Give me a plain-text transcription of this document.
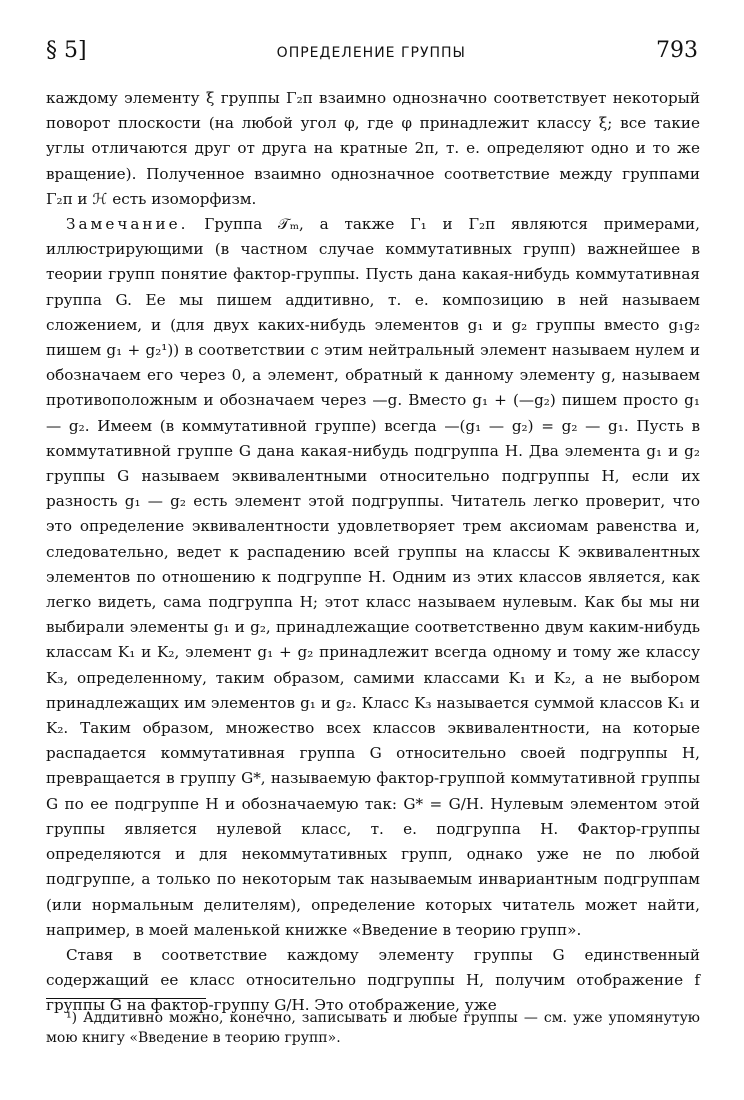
§ 5]	ОПРЕДЕЛЕНИЕ ГРУППЫ	793

каждому элементу ξ группы Γ₂π взаимно однозначно соответствует некоторый поворот плоскости (на любой угол φ, где φ принадлежит классу ξ; все такие углы отличаются друг от друга на кратные 2π, т. е. определяют одно и то же вращение). Полученное взаимно однозначное соответствие между группами Γ₂π и ℋ есть изоморфизм.

Замечание. Группа 𝒯ₘ, а также Γ₁ и Γ₂π являются примерами, иллюстрирующими (в частном случае коммутативных групп) важнейшее в теории групп понятие фактор-группы. Пусть дана какая-нибудь коммутативная группа G. Ее мы пишем аддитивно, т. е. композицию в ней называем сложением, и (для двух каких-нибудь элементов g₁ и g₂ группы вместо g₁g₂ пишем g₁ + g₂¹)) в соответствии с этим нейтральный элемент называем нулем и обозначаем его через 0, а элемент, обратный к данному элементу g, называем противоположным и обозначаем через —g. Вместо g₁ + (—g₂) пишем просто g₁ — g₂. Имеем (в коммутативной группе) всегда —(g₁ — g₂) = g₂ — g₁. Пусть в коммутативной группе G дана какая-нибудь подгруппа H. Два элемента g₁ и g₂ группы G называем эквивалентными относительно подгруппы H, если их разность g₁ — g₂ есть элемент этой подгруппы. Читатель легко проверит, что это определение эквивалентности удовлетворяет трем аксиомам равенства и, следовательно, ведет к распадению всей группы на классы K эквивалентных элементов по отношению к подгруппе H. Одним из этих классов является, как легко видеть, сама подгруппа H; этот класс называем нулевым. Как бы мы ни выбирали элементы g₁ и g₂, принадлежащие соответственно двум каким-нибудь классам K₁ и K₂, элемент g₁ + g₂ принадлежит всегда одному и тому же классу K₃, определенному, таким образом, самими классами K₁ и K₂, а не выбором принадлежащих им элементов g₁ и g₂. Класс K₃ называется суммой классов K₁ и K₂. Таким образом, множество всех классов эквивалентности, на которые распадается коммутативная группа G относительно своей подгруппы H, превращается в группу G*, называемую фактор-группой коммутативной группы G по ее подгруппе H и обозначаемую так: G* = G/H. Нулевым элементом этой группы является нулевой класс, т. е. подгруппа H. Фактор-группы определяются и для некоммутативных групп, однако уже не по любой подгруппе, а только по некоторым так называемым инвариантным подгруппам (или нормальным делителям), определение которых читатель может найти, например, в моей маленькой книжке «Введение в теорию групп».

Ставя в соответствие каждому элементу группы G единственный содержащий ее класс относительно подгруппы H, получим отображение f группы G на фактор-группу G/H. Это отображение, уже

¹) Аддитивно можно, конечно, записывать и любые группы — см. уже упомянутую мою книгу «Введение в теорию групп».
